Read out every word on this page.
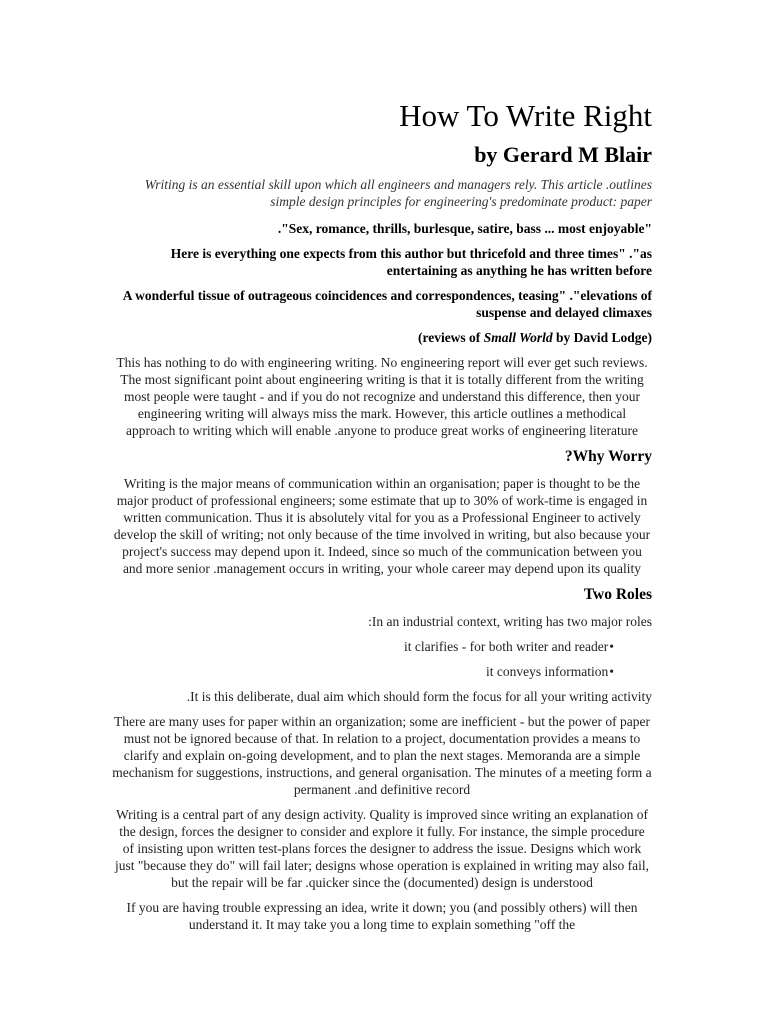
How To Write Right
by Gerard M Blair

Writing is an essential skill upon which all engineers and managers rely. This article .outlines simple design principles for engineering's predominate product: paper

."Sex, romance, thrills, burlesque, satire, bass ... most enjoyable"

Here is everything one expects from this author but thricefold and three times" ."as entertaining as anything he has written before

A wonderful tissue of outrageous coincidences and correspondences, teasing" ."elevations of suspense and delayed climaxes

(reviews of Small World by David Lodge)

This has nothing to do with engineering writing. No engineering report will ever get such reviews. The most significant point about engineering writing is that it is totally different from the writing most people were taught - and if you do not recognize and understand this difference, then your engineering writing will always miss the mark. However, this article outlines a methodical approach to writing which will enable .anyone to produce great works of engineering literature

?Why Worry

Writing is the major means of communication within an organisation; paper is thought to be the major product of professional engineers; some estimate that up to 30% of work-time is engaged in written communication. Thus it is absolutely vital for you as a Professional Engineer to actively develop the skill of writing; not only because of the time involved in writing, but also because your project's success may depend upon it. Indeed, since so much of the communication between you and more senior .management occurs in writing, your whole career may depend upon its quality

Two Roles

:In an industrial context, writing has two major roles

it clarifies - for both writer and reader•
it conveys information•

.It is this deliberate, dual aim which should form the focus for all your writing activity

There are many uses for paper within an organization; some are inefficient - but the power of paper must not be ignored because of that. In relation to a project, documentation provides a means to clarify and explain on-going development, and to plan the next stages. Memoranda are a simple mechanism for suggestions, instructions, and general organisation. The minutes of a meeting form a permanent .and definitive record

Writing is a central part of any design activity. Quality is improved since writing an explanation of the design, forces the designer to consider and explore it fully. For instance, the simple procedure of insisting upon written test-plans forces the designer to address the issue. Designs which work just "because they do" will fail later; designs whose operation is explained in writing may also fail, but the repair will be far .quicker since the (documented) design is understood

If you are having trouble expressing an idea, write it down; you (and possibly others) will then understand it. It may take you a long time to explain something "off the
